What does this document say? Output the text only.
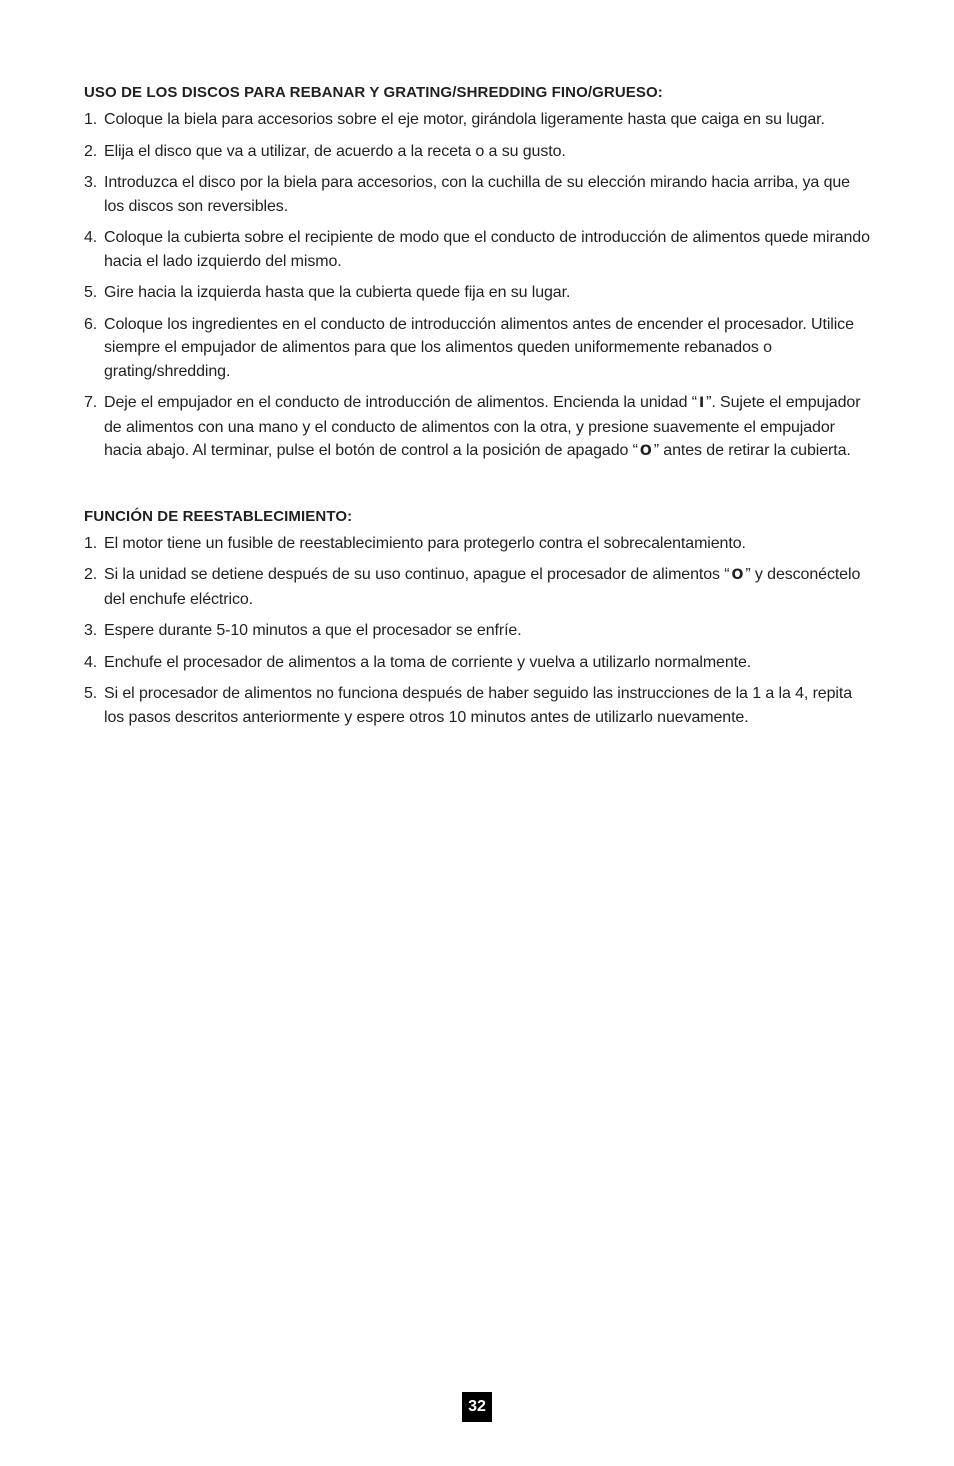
USO DE LOS DISCOS PARA REBANAR Y GRATING/SHREDDING FINO/GRUESO:
1. Coloque la biela para accesorios sobre el eje motor, girándola ligeramente hasta que caiga en su lugar.
2. Elija el disco que va a utilizar, de acuerdo a la receta o a su gusto.
3. Introduzca el disco por la biela para accesorios, con la cuchilla de su elección mirando hacia arriba, ya que los discos son reversibles.
4. Coloque la cubierta sobre el recipiente de modo que el conducto de introducción de alimentos quede mirando hacia el lado izquierdo del mismo.
5. Gire hacia la izquierda hasta que la cubierta quede fija en su lugar.
6. Coloque los ingredientes en el conducto de introducción alimentos antes de encender el procesador. Utilice siempre el empujador de alimentos para que los alimentos queden uniformemente rebanados o grating/shredding.
7. Deje el empujador en el conducto de introducción de alimentos. Encienda la unidad “ I ”. Sujete el empujador de alimentos con una mano y el conducto de alimentos con la otra, y presione suavemente el empujador hacia abajo. Al terminar, pulse el botón de control a la posición de apagado “ O ” antes de retirar la cubierta.
FUNCIÓN DE REESTABLECIMIENTO:
1. El motor tiene un fusible de reestablecimiento para protegerlo contra el sobrecalentamiento.
2. Si la unidad se detiene después de su uso continuo, apague el procesador de alimentos “ O ” y desconéctelo del enchufe eléctrico.
3. Espere durante 5-10 minutos a que el procesador se enfríe.
4. Enchufe el procesador de alimentos a la toma de corriente y vuelva a utilizarlo normalmente.
5. Si el procesador de alimentos no funciona después de haber seguido las instrucciones de la 1 a la 4, repita los pasos descritos anteriormente y espere otros 10 minutos antes de utilizarlo nuevamente.
32
